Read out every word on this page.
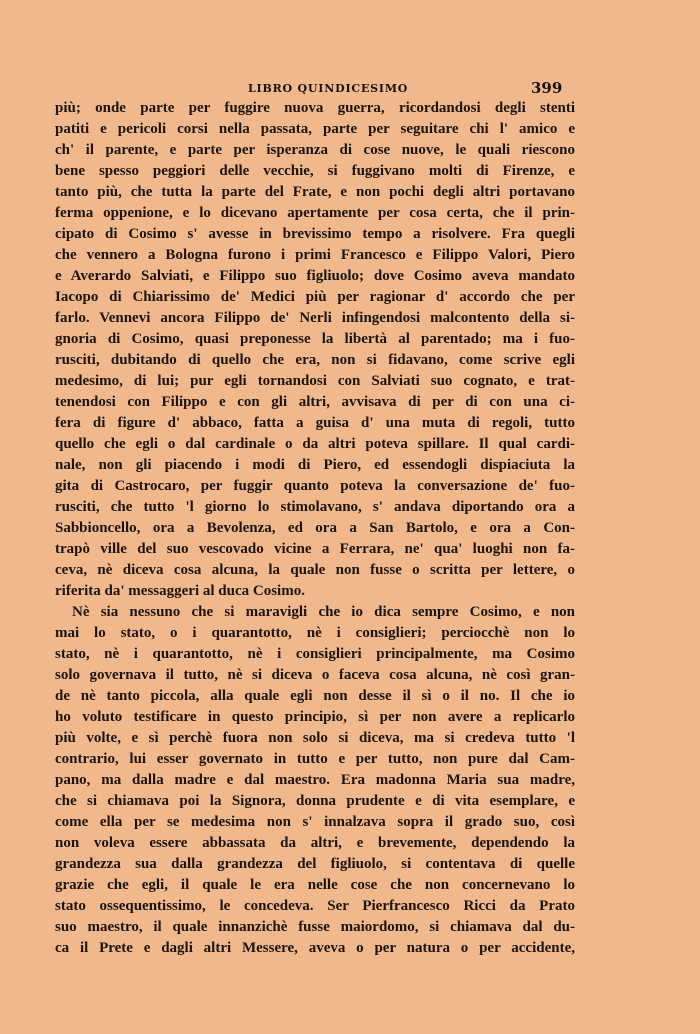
LIBRO QUINDICESIMO	399
più; onde parte per fuggire nuova guerra, ricordandosi degli stenti
patiti e pericoli corsi nella passata, parte per seguitare chi l' amico e
ch' il parente, e parte per isperanza di cose nuove, le quali riescono
bene spesso peggiori delle vecchie, si fuggivano molti di Firenze, e
tanto più, che tutta la parte del Frate, e non pochi degli altri portavano
ferma oppenione, e lo dicevano apertamente per cosa certa, che il prin-
cipato di Cosimo s' avesse in brevissimo tempo a risolvere. Fra quegli
che vennero a Bologna furono i primi Francesco e Filippo Valori, Piero
e Averardo Salviati, e Filippo suo figliuolo; dove Cosimo aveva mandato
Iacopo di Chiarissimo de' Medici più per ragionar d' accordo che per
farlo. Vennevi ancora Filippo de' Nerli infingendosi malcontento della si-
gnoria di Cosimo, quasi preponesse la libertà al parentado; ma i fuo-
rusciti, dubitando di quello che era, non si fidavano, come scrive egli
medesimo, di lui; pur egli tornandosi con Salviati suo cognato, e trat-
tenendosi con Filippo e con gli altri, avvisava di per di con una ci-
fera di figure d' abbaco, fatta a guisa d' una muta di regoli, tutto
quello che egli o dal cardinale o da altri poteva spillare. Il qual cardi-
nale, non gli piacendo i modi di Piero, ed essendogli dispiaciuta la
gita di Castrocaro, per fuggir quanto poteva la conversazione de' fuo-
rusciti, che tutto 'l giorno lo stimolavano, s' andava diportando ora a
Sabbioncello, ora a Bevolenza, ed ora a San Bartolo, e ora a Con-
trapò ville del suo vescovado vicine a Ferrara, ne' qua' luoghi non fa-
ceva, nè diceva cosa alcuna, la quale non fusse o scritta per lettere, o
riferita da' messaggeri al duca Cosimo.
Nè sia nessuno che si maravigli che io dica sempre Cosimo, e non
mai lo stato, o i quarantotto, nè i consiglieri; perciocchè non lo
stato, nè i quarantotto, nè i consiglieri principalmente, ma Cosimo
solo governava il tutto, nè si diceva o faceva cosa alcuna, nè così gran-
de nè tanto piccola, alla quale egli non desse il sì o il no. Il che io
ho voluto testificare in questo principio, sì per non avere a replicarlo
più volte, e sì perchè fuora non solo si diceva, ma si credeva tutto 'l
contrario, lui esser governato in tutto e per tutto, non pure dal Cam-
pano, ma dalla madre e dal maestro. Era madonna Maria sua madre,
che si chiamava poi la Signora, donna prudente e di vita esemplare, e
come ella per se medesima non s' innalzava sopra il grado suo, così
non voleva essere abbassata da altri, e brevemente, dependendo la
grandezza sua dalla grandezza del figliuolo, si contentava di quelle
grazie che egli, il quale le era nelle cose che non concernevano lo
stato ossequentissimo, le concedeva. Ser Pierfrancesco Ricci da Prato
suo maestro, il quale innanzichè fusse maiordomo, si chiamava dal du-
ca il Prete e dagli altri Messere, aveva o per natura o per accidente,
